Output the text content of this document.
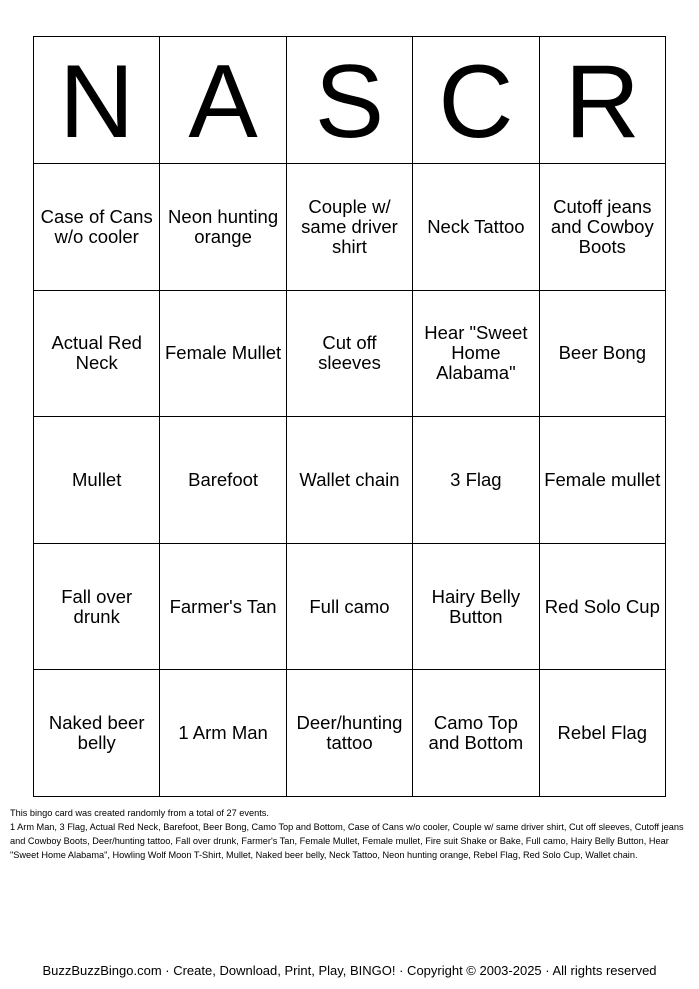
N	A	S	C	R
Case of Cans w/o cooler	Neon hunting orange	Couple w/ same driver shirt	Neck Tattoo	Cutoff jeans and Cowboy Boots
Actual Red Neck	Female Mullet	Cut off sleeves	Hear "Sweet Home Alabama"	Beer Bong
Mullet	Barefoot	Wallet chain	3 Flag	Female mullet
Fall over drunk	Farmer's Tan	Full camo	Hairy Belly Button	Red Solo Cup
Naked beer belly	1 Arm Man	Deer/hunting tattoo	Camo Top and Bottom	Rebel Flag
This bingo card was created randomly from a total of 27 events.
1 Arm Man, 3 Flag, Actual Red Neck, Barefoot, Beer Bong, Camo Top and Bottom, Case of Cans w/o cooler, Couple w/ same driver shirt, Cut off sleeves, Cutoff jeans and Cowboy Boots, Deer/hunting tattoo, Fall over drunk, Farmer's Tan, Female Mullet, Female mullet, Fire suit Shake or Bake, Full camo, Hairy Belly Button, Hear "Sweet Home Alabama", Howling Wolf Moon T-Shirt, Mullet, Naked beer belly, Neck Tattoo, Neon hunting orange, Rebel Flag, Red Solo Cup, Wallet chain.
BuzzBuzzBingo.com · Create, Download, Print, Play, BINGO! · Copyright © 2003-2025 · All rights reserved
